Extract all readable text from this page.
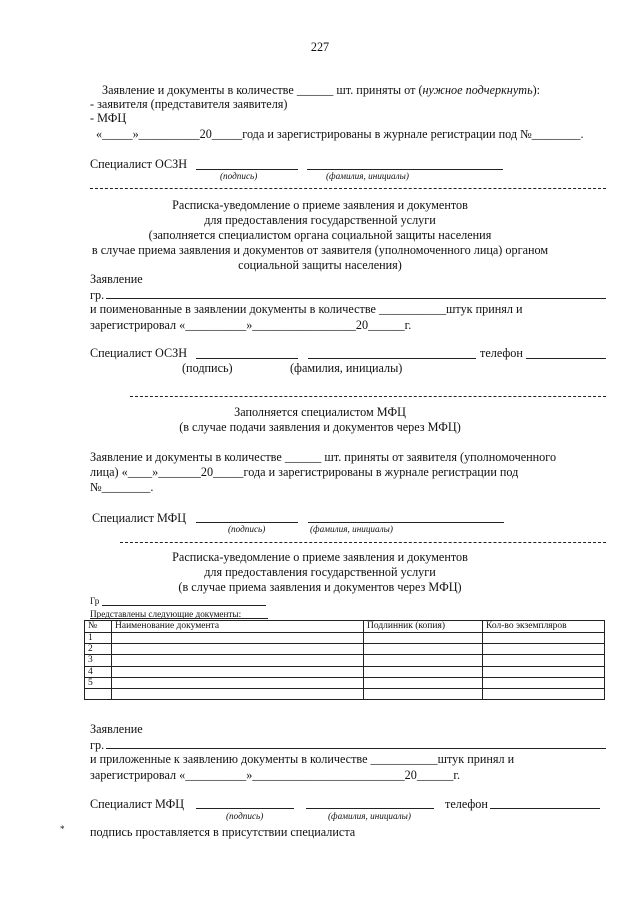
227
Заявление и документы в количестве ______ шт. приняты от (нужное подчеркнуть):
- заявителя (представителя заявителя)
- МФЦ
«_____»__________20_____года и зарегистрированы в журнале регистрации под №________.
Специалист ОСЗН
(подпись)	(фамилия, инициалы)
Расписка-уведомление о приеме заявления и документов
для предоставления государственной услуги
(заполняется специалистом органа социальной защиты населения
в случае приема заявления и документов от заявителя (уполномоченного лица) органом
социальной защиты населения)
Заявление
гр.
и поименованные в заявлении документы в количестве ___________штук принял и
зарегистрировал «__________»_________________20______г.
Специалист ОСЗН	телефон
(подпись)	(фамилия, инициалы)
Заполняется специалистом МФЦ
(в случае подачи заявления и документов через МФЦ)
Заявление и документы в количестве ______ шт. приняты от заявителя (уполномоченного
лица) «____»_______20_____года и зарегистрированы в журнале регистрации под
№________.
Специалист МФЦ
(подпись)	(фамилия, инициалы)
Расписка-уведомление о приеме заявления и документов
для предоставления государственной услуги
(в случае приема заявления и документов через МФЦ)
Гр
Представлены следующие документы:
№	Наименование документа	Подлинник (копия)	Кол-во экземпляров
1			
2			
3			
4			
5			

Заявление
гр.
и приложенные к заявлению документы в количестве ___________штук принял и
зарегистрировал «__________»_________________________20______г.
Специалист МФЦ	телефон
(подпись)	(фамилия, инициалы)
* подпись проставляется в присутствии специалиста
